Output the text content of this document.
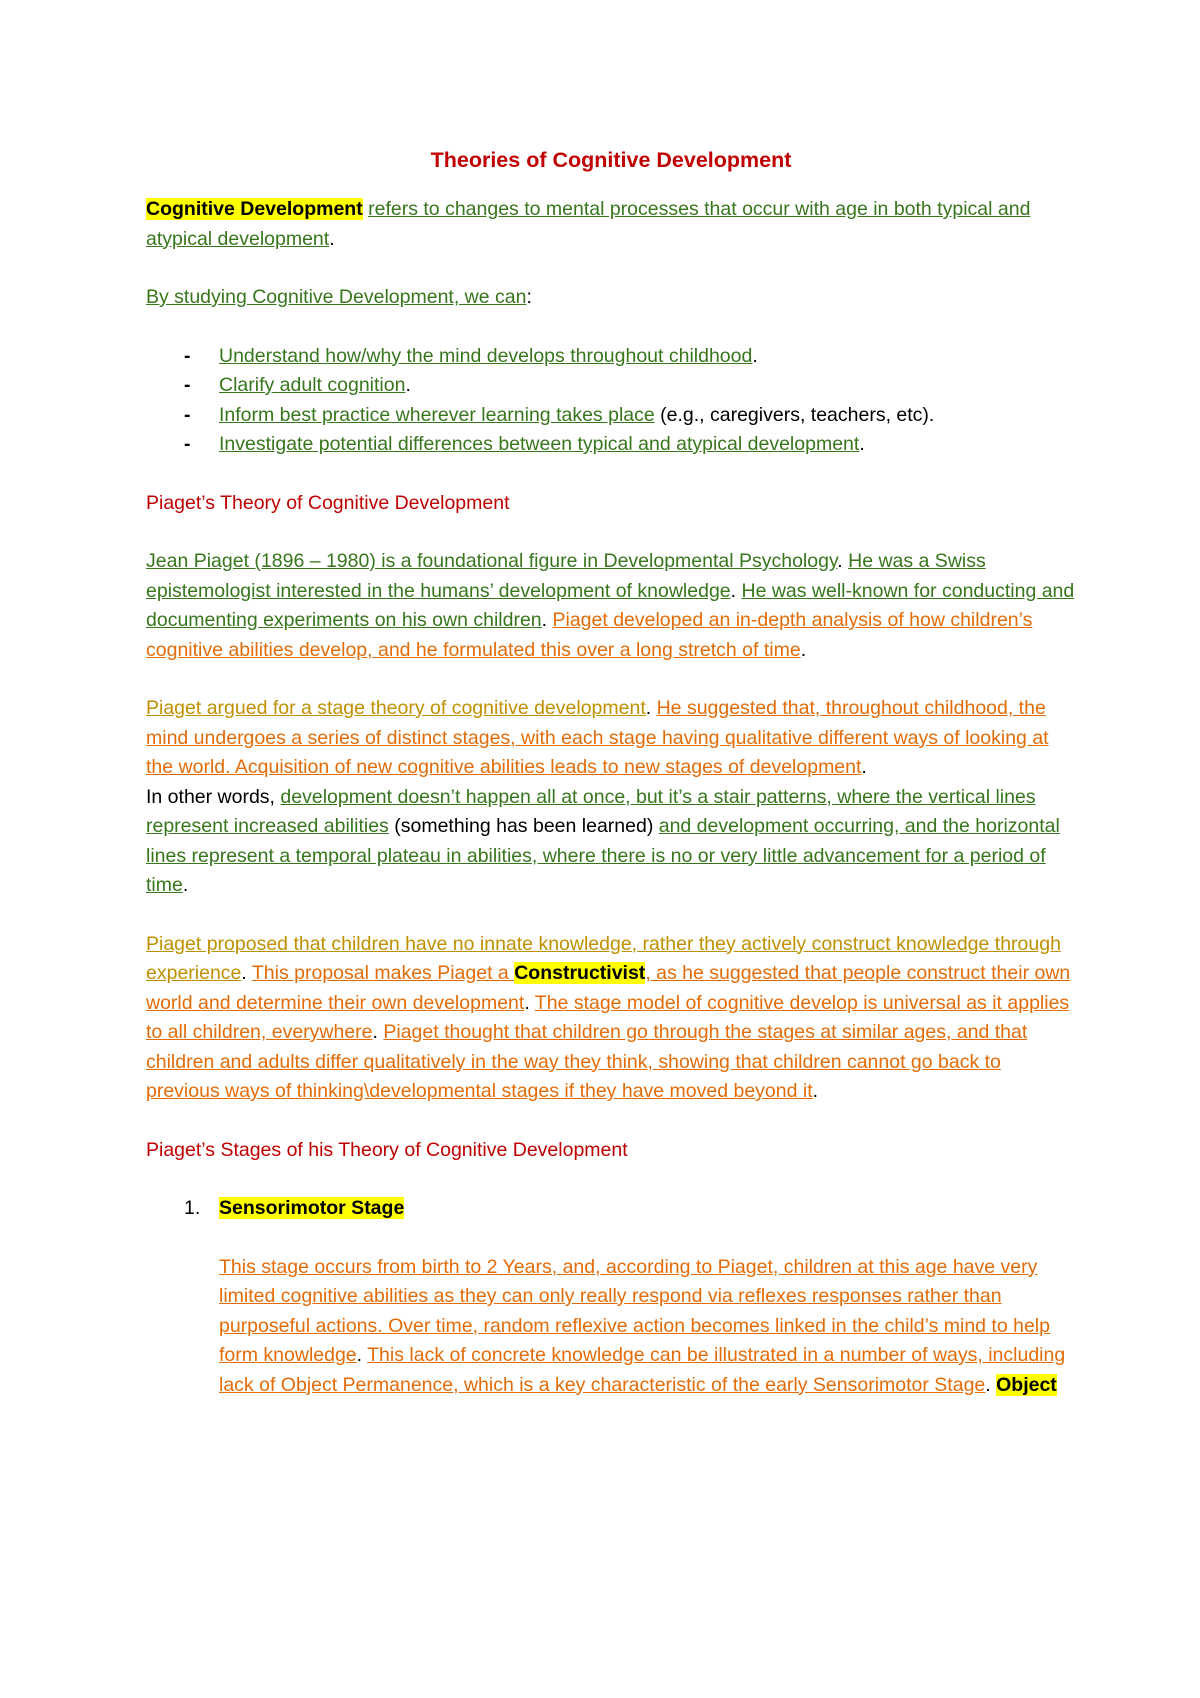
Theories of Cognitive Development

Cognitive Development refers to changes to mental processes that occur with age in both typical and atypical development.

By studying Cognitive Development, we can:

- Understand how/why the mind develops throughout childhood.
- Clarify adult cognition.
- Inform best practice wherever learning takes place (e.g., caregivers, teachers, etc).
- Investigate potential differences between typical and atypical development.
Piaget’s Theory of Cognitive Development

Jean Piaget (1896 – 1980) is a foundational figure in Developmental Psychology. He was a Swiss epistemologist interested in the humans’ development of knowledge. He was well-known for conducting and documenting experiments on his own children. Piaget developed an in-depth analysis of how children’s cognitive abilities develop, and he formulated this over a long stretch of time.

Piaget argued for a stage theory of cognitive development. He suggested that, throughout childhood, the mind undergoes a series of distinct stages, with each stage having qualitative different ways of looking at the world. Acquisition of new cognitive abilities leads to new stages of development.
In other words, development doesn’t happen all at once, but it’s a stair patterns, where the vertical lines represent increased abilities (something has been learned) and development occurring, and the horizontal lines represent a temporal plateau in abilities, where there is no or very little advancement for a period of time.

Piaget proposed that children have no innate knowledge, rather they actively construct knowledge through experience. This proposal makes Piaget a Constructivist, as he suggested that people construct their own world and determine their own development. The stage model of cognitive develop is universal as it applies to all children, everywhere. Piaget thought that children go through the stages at similar ages, and that children and adults differ qualitatively in the way they think, showing that children cannot go back to previous ways of thinking\developmental stages if they have moved beyond it.

Piaget’s Stages of his Theory of Cognitive Development
1. Sensorimotor Stage

This stage occurs from birth to 2 Years, and, according to Piaget, children at this age have very limited cognitive abilities as they can only really respond via reflexes responses rather than purposeful actions. Over time, random reflexive action becomes linked in the child’s mind to help form knowledge. This lack of concrete knowledge can be illustrated in a number of ways, including lack of Object Permanence, which is a key characteristic of the early Sensorimotor Stage. Object
